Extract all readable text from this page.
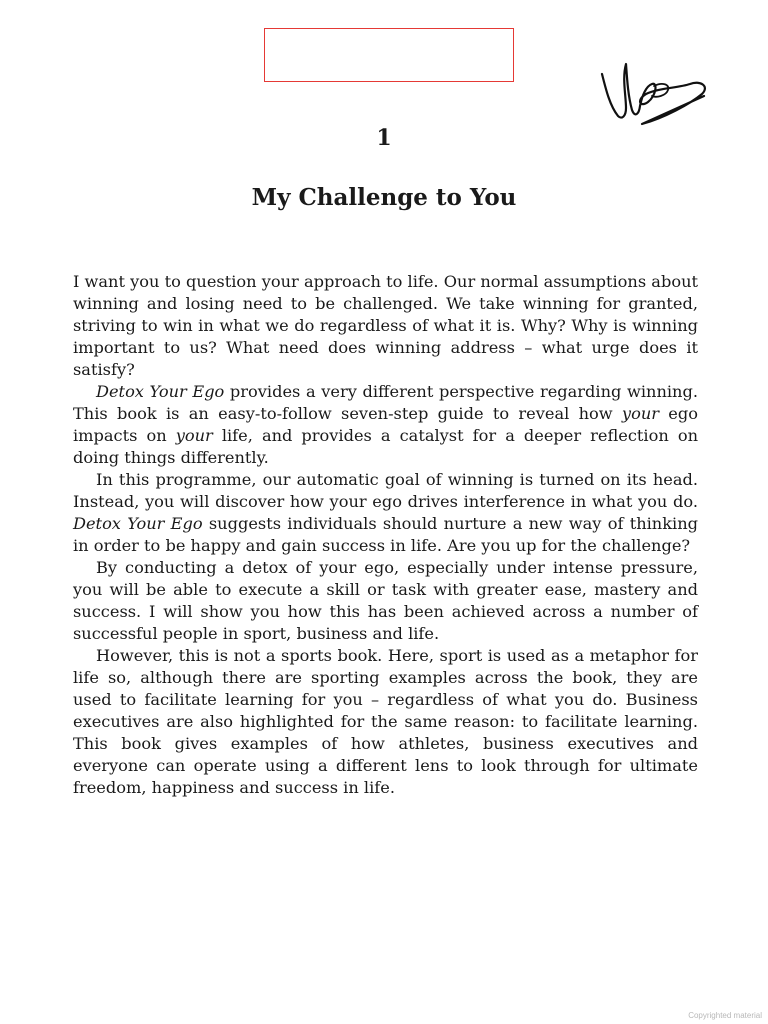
1
My Challenge to You

I want you to question your approach to life. Our normal assumptions about winning and losing need to be challenged. We take winning for granted, striving to win in what we do regardless of what it is. Why? Why is winning important to us? What need does winning address – what urge does it satisfy?

Detox Your Ego provides a very different perspective regarding winning. This book is an easy-to-follow seven-step guide to reveal how your ego impacts on your life, and provides a catalyst for a deeper reflection on doing things differently.

In this programme, our automatic goal of winning is turned on its head. Instead, you will discover how your ego drives interference in what you do. Detox Your Ego suggests individuals should nurture a new way of thinking in order to be happy and gain success in life. Are you up for the challenge?

By conducting a detox of your ego, especially under intense pressure, you will be able to execute a skill or task with greater ease, mastery and success. I will show you how this has been achieved across a number of successful people in sport, business and life.

However, this is not a sports book. Here, sport is used as a metaphor for life so, although there are sporting examples across the book, they are used to facilitate learning for you – regardless of what you do. Business executives are also highlighted for the same reason: to facilitate learning. This book gives examples of how athletes, business executives and everyone can operate using a different lens to look through for ultimate freedom, happiness and success in life.

Copyrighted material
